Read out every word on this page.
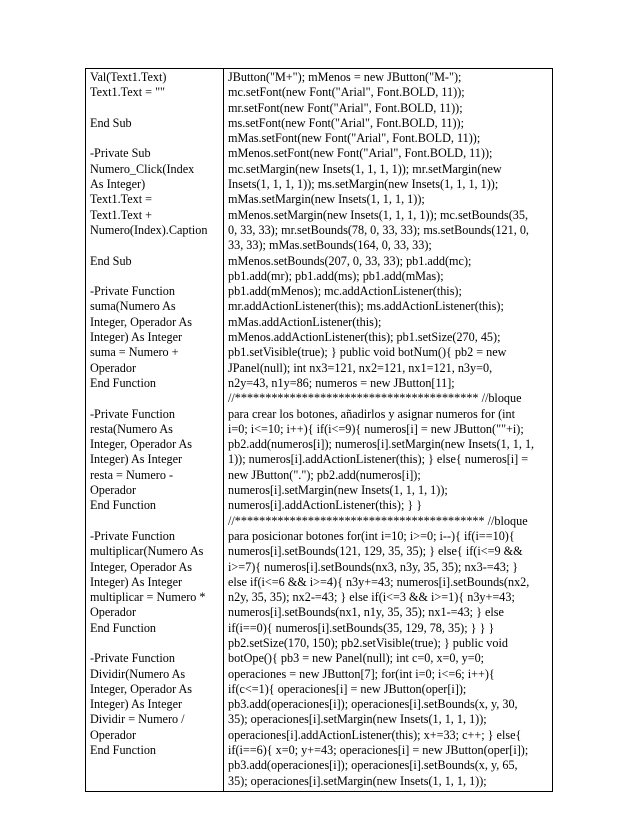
Val(Text1.Text)
Text1.Text = ""
End Sub
-Private Sub
Numero_Click(Index
As Integer)
Text1.Text =
Text1.Text +
Numero(Index).Caption
End Sub
-Private Function
suma(Numero As
Integer, Operador As
Integer) As Integer
suma = Numero +
Operador
End Function
-Private Function
resta(Numero As
Integer, Operador As
Integer) As Integer
resta = Numero -
Operador
End Function
-Private Function
multiplicar(Numero As
Integer, Operador As
Integer) As Integer
multiplicar = Numero *
Operador
End Function
-Private Function
Dividir(Numero As
Integer, Operador As
Integer) As Integer
Dividir = Numero /
Operador
End Function

JButton("M+"); mMenos = new JButton("M-");
mc.setFont(new Font("Arial", Font.BOLD, 11));
mr.setFont(new Font("Arial", Font.BOLD, 11));
ms.setFont(new Font("Arial", Font.BOLD, 11));
mMas.setFont(new Font("Arial", Font.BOLD, 11));
mMenos.setFont(new Font("Arial", Font.BOLD, 11));
mc.setMargin(new Insets(1, 1, 1, 1)); mr.setMargin(new
Insets(1, 1, 1, 1)); ms.setMargin(new Insets(1, 1, 1, 1));
mMas.setMargin(new Insets(1, 1, 1, 1));
mMenos.setMargin(new Insets(1, 1, 1, 1)); mc.setBounds(35,
0, 33, 33); mr.setBounds(78, 0, 33, 33); ms.setBounds(121, 0,
33, 33); mMas.setBounds(164, 0, 33, 33);
mMenos.setBounds(207, 0, 33, 33); pb1.add(mc);
pb1.add(mr); pb1.add(ms); pb1.add(mMas);
pb1.add(mMenos); mc.addActionListener(this);
mr.addActionListener(this); ms.addActionListener(this);
mMas.addActionListener(this);
mMenos.addActionListener(this); pb1.setSize(270, 45);
pb1.setVisible(true); } public void botNum(){ pb2 = new
JPanel(null); int nx3=121, nx2=121, nx1=121, n3y=0,
n2y=43, n1y=86; numeros = new JButton[11];
//**************************************** //bloque
para crear los botones, añadirlos y asignar numeros for (int
i=0; i<=10; i++){ if(i<=9){ numeros[i] = new JButton(""+i);
pb2.add(numeros[i]); numeros[i].setMargin(new Insets(1, 1, 1,
1)); numeros[i].addActionListener(this); } else{ numeros[i] =
new JButton("."); pb2.add(numeros[i]);
numeros[i].setMargin(new Insets(1, 1, 1, 1));
numeros[i].addActionListener(this); } }
//***************************************** //bloque
para posicionar botones for(int i=10; i>=0; i--){ if(i==10){
numeros[i].setBounds(121, 129, 35, 35); } else{ if(i<=9 &&
i>=7){ numeros[i].setBounds(nx3, n3y, 35, 35); nx3-=43; }
else if(i<=6 && i>=4){ n3y+=43; numeros[i].setBounds(nx2,
n2y, 35, 35); nx2-=43; } else if(i<=3 && i>=1){ n3y+=43;
numeros[i].setBounds(nx1, n1y, 35, 35); nx1-=43; } else
if(i==0){ numeros[i].setBounds(35, 129, 78, 35); } } }
pb2.setSize(170, 150); pb2.setVisible(true); } public void
botOpe(){ pb3 = new Panel(null); int c=0, x=0, y=0;
operaciones = new JButton[7]; for(int i=0; i<=6; i++){
if(c<=1){ operaciones[i] = new JButton(oper[i]);
pb3.add(operaciones[i]); operaciones[i].setBounds(x, y, 30,
35); operaciones[i].setMargin(new Insets(1, 1, 1, 1));
operaciones[i].addActionListener(this); x+=33; c++; } else{
if(i==6){ x=0; y+=43; operaciones[i] = new JButton(oper[i]);
pb3.add(operaciones[i]); operaciones[i].setBounds(x, y, 65,
35); operaciones[i].setMargin(new Insets(1, 1, 1, 1));
